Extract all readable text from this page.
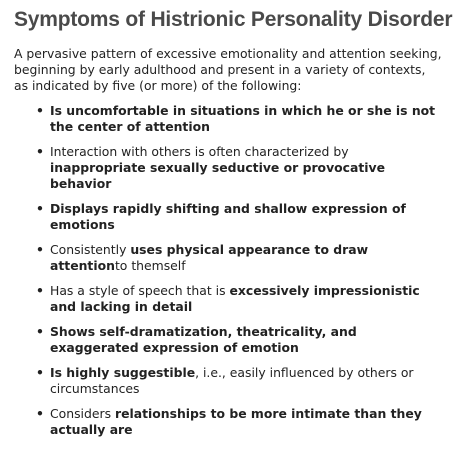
Symptoms of Histrionic Personality Disorder

A pervasive pattern of excessive emotionality and attention seeking, beginning by early adulthood and present in a variety of contexts, as indicated by five (or more) of the following:

• Is uncomfortable in situations in which he or she is not the center of attention
• Interaction with others is often characterized by inappropriate sexually seductive or provocative behavior
• Displays rapidly shifting and shallow expression of emotions
• Consistently uses physical appearance to draw attentionto themself
• Has a style of speech that is excessively impressionistic and lacking in detail
• Shows self-dramatization, theatricality, and exaggerated expression of emotion
• Is highly suggestible, i.e., easily influenced by others or circumstances
• Considers relationships to be more intimate than they actually are
